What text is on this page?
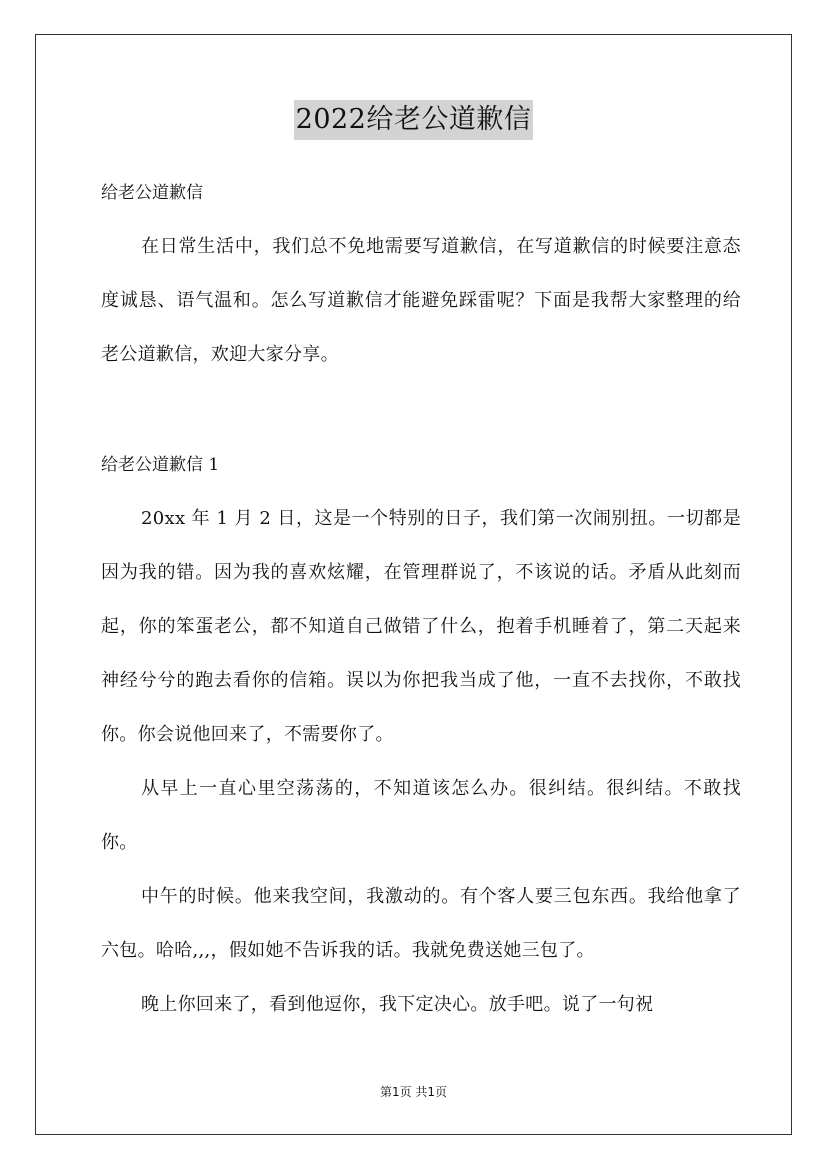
2022给老公道歉信
给老公道歉信
在日常生活中，我们总不免地需要写道歉信，在写道歉信的时候要注意态度诚恳、语气温和。怎么写道歉信才能避免踩雷呢？下面是我帮大家整理的给老公道歉信，欢迎大家分享。
给老公道歉信 1
20xx 年 1 月 2 日，这是一个特别的日子，我们第一次闹别扭。一切都是因为我的错。因为我的喜欢炫耀，在管理群说了，不该说的话。矛盾从此刻而起，你的笨蛋老公，都不知道自己做错了什么，抱着手机睡着了，第二天起来神经兮兮的跑去看你的信箱。误以为你把我当成了他，一直不去找你，不敢找你。你会说他回来了，不需要你了。
从早上一直心里空荡荡的，不知道该怎么办。很纠结。很纠结。不敢找你。
中午的时候。他来我空间，我激动的。有个客人要三包东西。我给他拿了六包。哈哈,,,，假如她不告诉我的话。我就免费送她三包了。
晚上你回来了，看到他逗你，我下定决心。放手吧。说了一句祝
第1页 共1页
